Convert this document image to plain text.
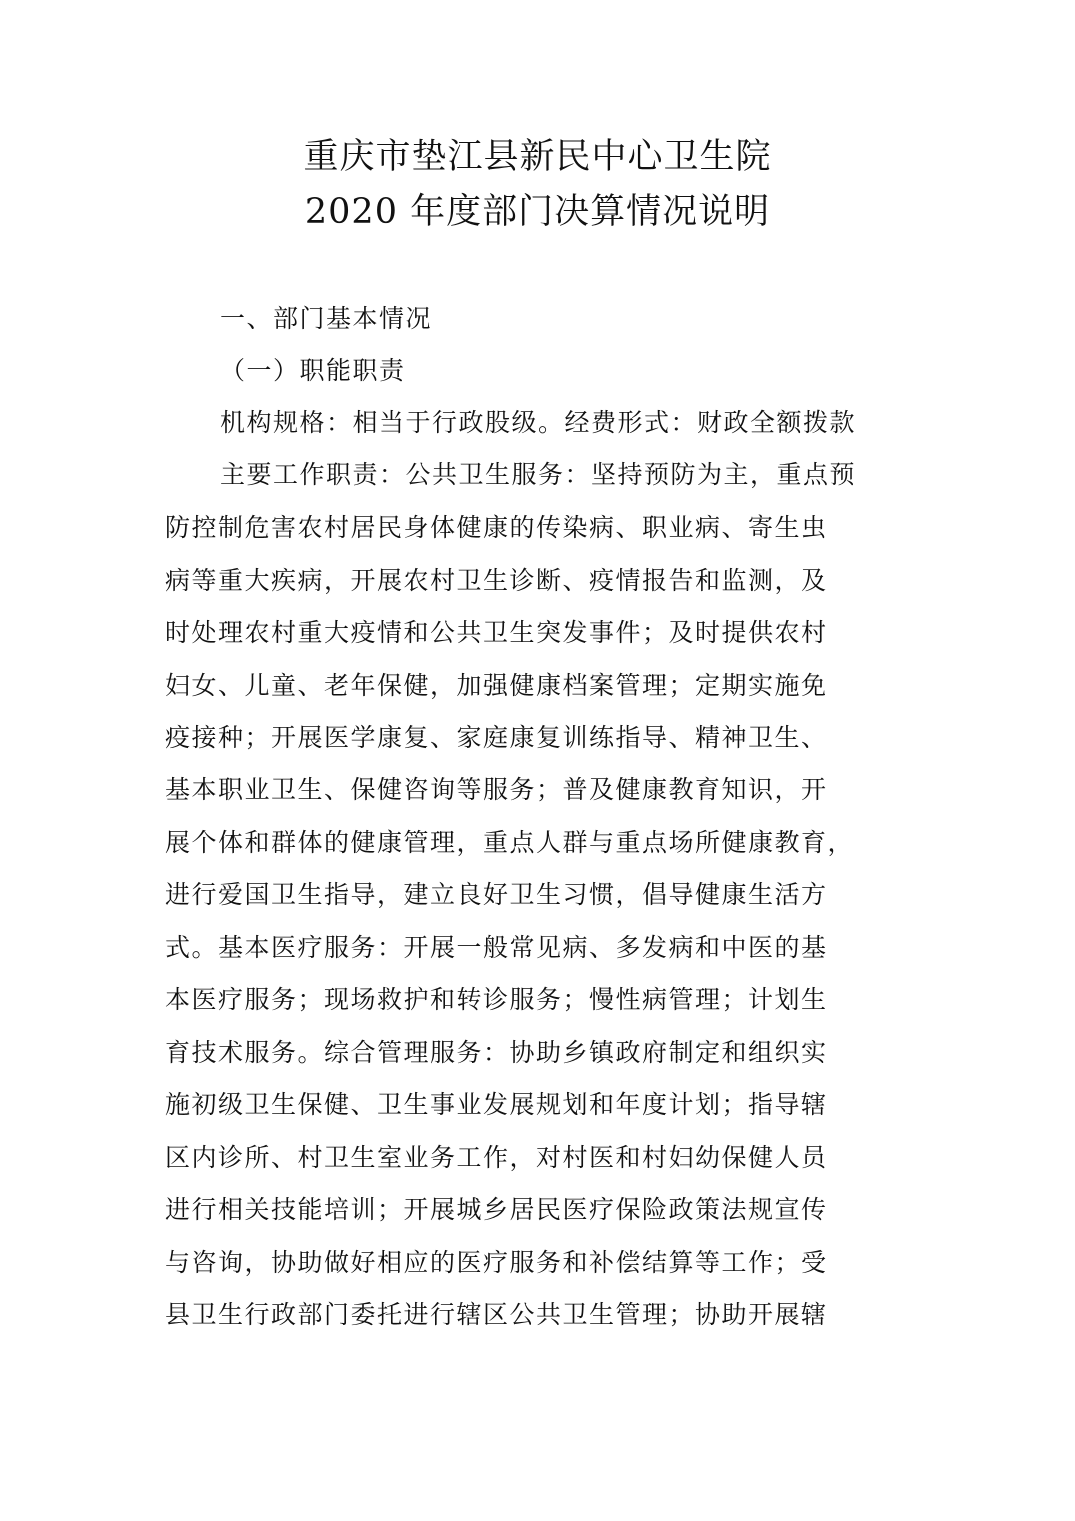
重庆市垫江县新民中心卫生院
2020 年度部门决算情况说明
一、部门基本情况
（一）职能职责
机构规格：相当于行政股级。经费形式：财政全额拨款
主要工作职责：公共卫生服务：坚持预防为主，重点预
防控制危害农村居民身体健康的传染病、职业病、寄生虫
病等重大疾病，开展农村卫生诊断、疫情报告和监测，及
时处理农村重大疫情和公共卫生突发事件；及时提供农村
妇女、儿童、老年保健，加强健康档案管理；定期实施免
疫接种；开展医学康复、家庭康复训练指导、精神卫生、
基本职业卫生、保健咨询等服务；普及健康教育知识，开
展个体和群体的健康管理，重点人群与重点场所健康教育，
进行爱国卫生指导，建立良好卫生习惯，倡导健康生活方
式。基本医疗服务：开展一般常见病、多发病和中医的基
本医疗服务；现场救护和转诊服务；慢性病管理；计划生
育技术服务。综合管理服务：协助乡镇政府制定和组织实
施初级卫生保健、卫生事业发展规划和年度计划；指导辖
区内诊所、村卫生室业务工作，对村医和村妇幼保健人员
进行相关技能培训；开展城乡居民医疗保险政策法规宣传
与咨询，协助做好相应的医疗服务和补偿结算等工作；受
县卫生行政部门委托进行辖区公共卫生管理；协助开展辖
